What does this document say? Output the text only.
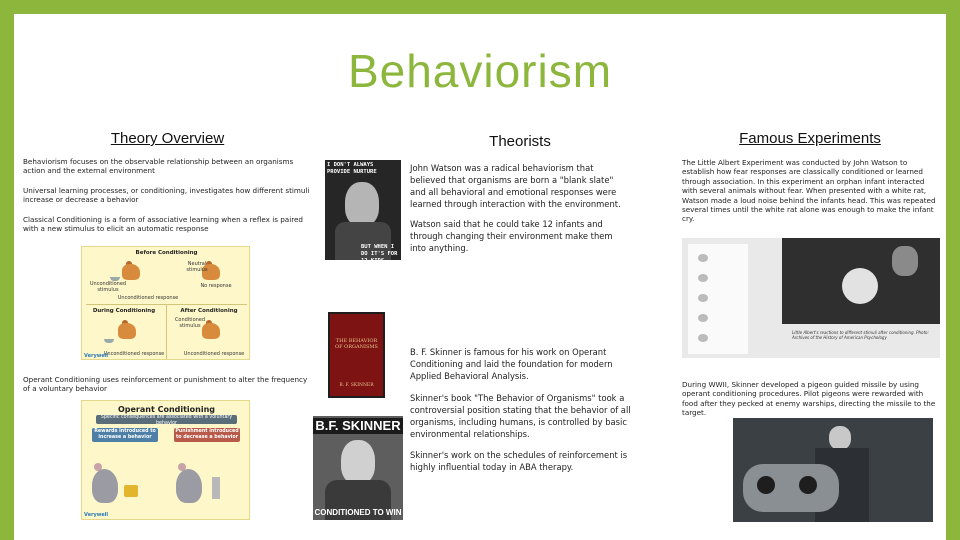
Behaviorism
Theory Overview
Behaviorism focuses on the observable relationship between an organisms action and the external environment
Universal learning processes, or conditioning, investigates how different stimuli increase or decrease a behavior
Classical Conditioning is a form of associative learning when a reflex is paired with a new stimulus to elicit an automatic response
Before Conditioning
Unconditioned stimulus
Unconditioned response
Neutral stimulus
No response
During Conditioning	After Conditioning
Conditioned stimulus
Unconditioned response	Unconditioned response
Verywell
Operant Conditioning uses reinforcement or punishment to alter the frequency of a voluntary behavior
Operant Conditioning
Specific consequences are associated with a voluntary behavior
Rewards introduced to increase a behavior
Punishment introduced to decrease a behavior
Verywell
Theorists
I DON'T ALWAYS PROVIDE NURTURE
BUT WHEN I DO IT'S FOR 12 KIDS
John Watson was a radical behaviorism that believed that organisms are born a "blank slate" and all behavioral and emotional responses were learned through interaction with the environment.
Watson said that he could take 12 infants and through changing their environment make them into anything.
THE BEHAVIOR OF ORGANISMS
B. F. SKINNER
B.F. SKINNER
CONDITIONED TO WIN
B. F. Skinner is famous for his work on Operant Conditioning and laid the foundation for modern Applied Behavioral Analysis.
Skinner's book "The Behavior of Organisms" took a controversial position stating that the behavior of all organisms, including humans, is controlled by basic environmental relationships.
Skinner's work on the schedules of reinforcement is highly influential today in ABA therapy.
Famous Experiments
The Little Albert Experiment was conducted by John Watson to establish how fear responses are classically conditioned or learned through association. In this experiment an orphan infant interacted with several animals without fear. When presented with a white rat, Watson made a loud noise behind the infants head. This was repeated several times until the white rat alone was enough to make the infant cry.
Little Albert's reactions to different stimuli after conditioning. Photo: Archives of the History of American Psychology
During WWII, Skinner developed a pigeon guided missile by using operant conditioning procedures. Pilot pigeons were rewarded with food after they pecked at enemy warships, directing the missile to the target.
